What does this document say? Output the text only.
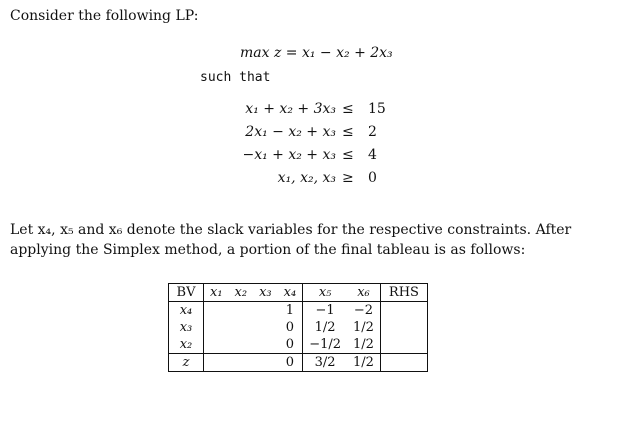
Consider the following LP:
max z = x₁ − x₂ + 2x₃
such that
x₁ + x₂ + 3x₃ ≤ 15
2x₁ − x₂ + x₃ ≤ 2
−x₁ + x₂ + x₃ ≤ 4
x₁, x₂, x₃ ≥ 0
Let x₄, x₅ and x₆ denote the slack variables for the respective constraints. After applying the Simplex method, a portion of the final tableau is as follows:
BV	x₁	x₂	x₃	x₄	x₅	x₆	RHS
x₄				1	−1	−2	
x₃				0	1/2	1/2	
x₂				0	−1/2	1/2	
z				0	3/2	1/2	
